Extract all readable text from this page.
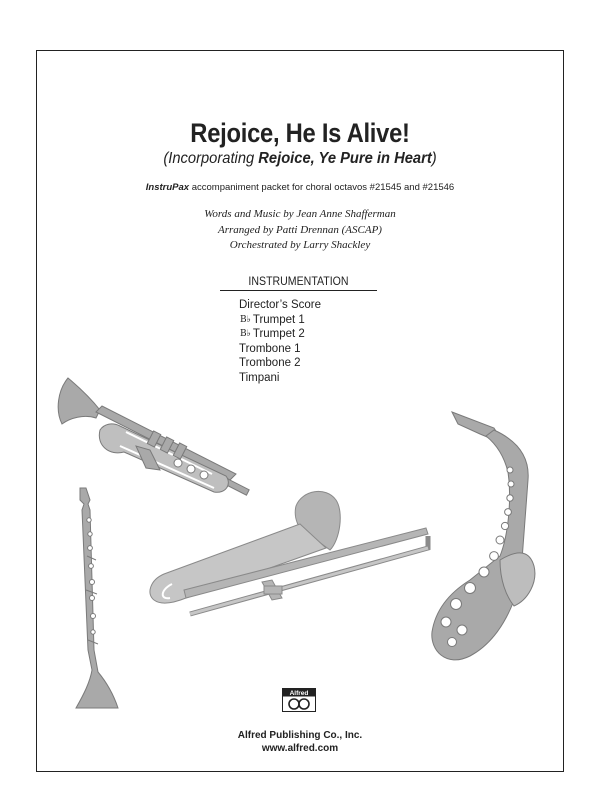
Rejoice, He Is Alive!
(Incorporating Rejoice, Ye Pure in Heart)
InstruPax accompaniment packet for choral octavos #21545 and #21546
Words and Music by Jean Anne Shafferman
Arranged by Patti Drennan (ASCAP)
Orchestrated by Larry Shackley
INSTRUMENTATION
Director’s Score
B♭ Trumpet 1
B♭ Trumpet 2
Trombone 1
Trombone 2
Timpani
Alfred
Alfred Publishing Co., Inc.
www.alfred.com
